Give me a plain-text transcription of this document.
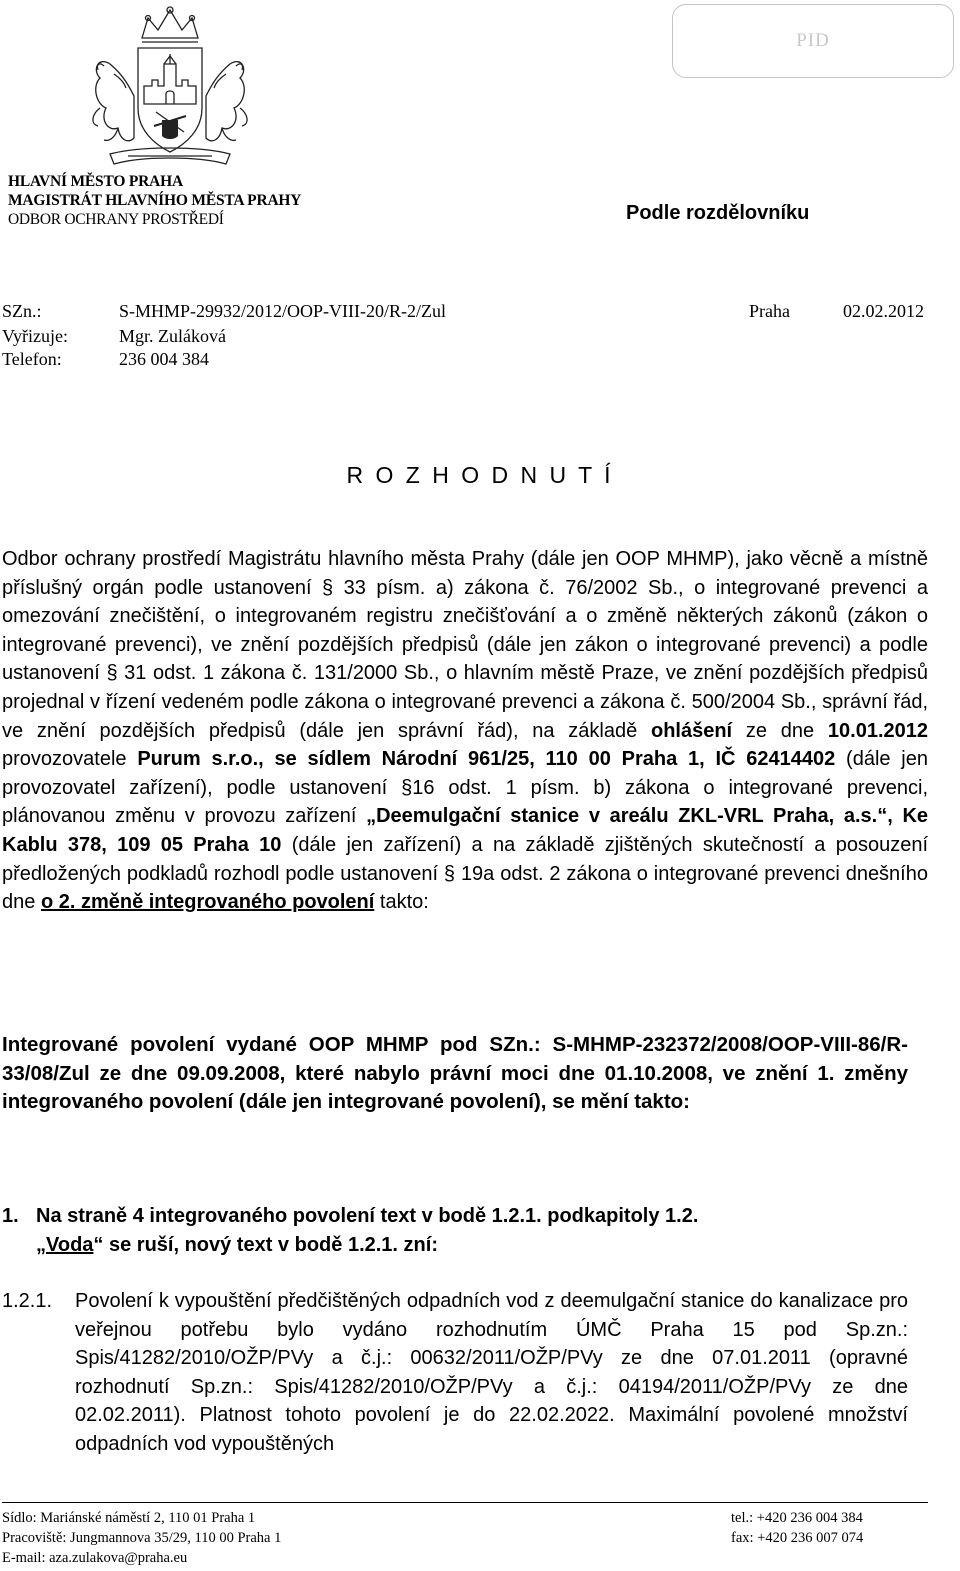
HLAVNÍ MĚSTO PRAHA
MAGISTRÁT HLAVNÍHO MĚSTA PRAHY
ODBOR OCHRANY PROSTŘEDÍ
PID
Podle rozdělovníku
SZn.:	S-MHMP-29932/2012/OOP-VIII-20/R-2/Zul	Praha	02.02.2012
Vyřizuje:	Mgr. Zuláková
Telefon:	236 004 384
R O Z H O D N U T Í
Odbor ochrany prostředí Magistrátu hlavního města Prahy (dále jen OOP MHMP), jako věcně a místně příslušný orgán podle ustanovení § 33 písm. a) zákona č. 76/2002 Sb., o integrované prevenci a omezování znečištění, o integrovaném registru znečišťování a o změně některých zákonů (zákon o integrované prevenci), ve znění pozdějších předpisů (dále jen zákon o integrované prevenci) a podle ustanovení § 31 odst. 1 zákona č. 131/2000 Sb., o hlavním městě Praze, ve znění pozdějších předpisů projednal v řízení vedeném podle zákona o integrované prevenci a zákona č. 500/2004 Sb., správní řád, ve znění pozdějších předpisů (dále jen správní řád), na základě ohlášení ze dne 10.01.2012 provozovatele Purum s.r.o., se sídlem Národní 961/25, 110 00 Praha 1, IČ 62414402 (dále jen provozovatel zařízení), podle ustanovení §16 odst. 1 písm. b) zákona o integrované prevenci, plánovanou změnu v provozu zařízení „Deemulgační stanice v areálu ZKL-VRL Praha, a.s.“, Ke Kablu 378, 109 05 Praha 10 (dále jen zařízení) a na základě zjištěných skutečností a posouzení předložených podkladů rozhodl podle ustanovení § 19a odst. 2 zákona o integrované prevenci dnešního dne o 2. změně integrovaného povolení takto:
Integrované povolení vydané OOP MHMP pod SZn.: S-MHMP-232372/2008/OOP-VIII-86/R-33/08/Zul ze dne 09.09.2008, které nabylo právní moci dne 01.10.2008, ve znění 1. změny integrovaného povolení (dále jen integrované povolení), se mění takto:
1. Na straně 4 integrovaného povolení text v bodě 1.2.1. podkapitoly 1.2.
„Voda“ se ruší, nový text v bodě 1.2.1. zní:
1.2.1. Povolení k vypouštění předčištěných odpadních vod z deemulgační stanice do kanalizace pro veřejnou potřebu bylo vydáno rozhodnutím ÚMČ Praha 15 pod Sp.zn.: Spis/41282/2010/OŽP/PVy a č.j.: 00632/2011/OŽP/PVy ze dne 07.01.2011 (opravné rozhodnutí Sp.zn.: Spis/41282/2010/OŽP/PVy a č.j.: 04194/2011/OŽP/PVy ze dne 02.02.2011). Platnost tohoto povolení je do 22.02.2022. Maximální povolené množství odpadních vod vypouštěných
Sídlo: Mariánské náměstí 2, 110 01 Praha 1
Pracoviště: Jungmannova 35/29, 110 00 Praha 1
E-mail: aza.zulakova@praha.eu
tel.: +420 236 004 384
fax: +420 236 007 074
